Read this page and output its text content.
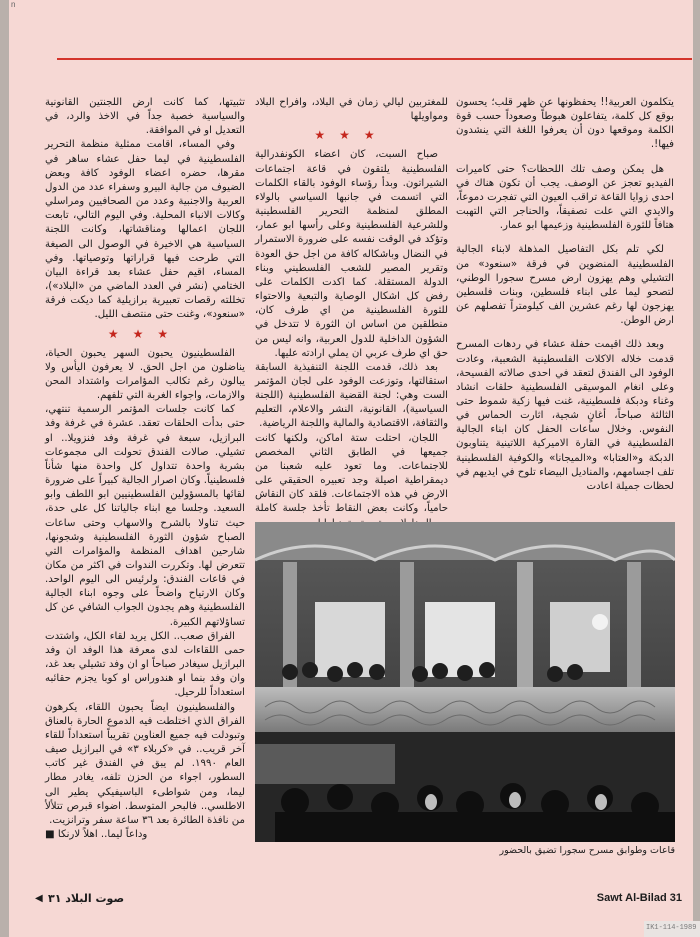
n

يتكلمون العربية!! يحفظونها عن ظهر قلب؛ يحسون بوقع كل كلمة، يتفاعلون هبوطاً وصعوداً حسب قوة الكلمة وموقعها دون أن يعرفوا اللغة التي ينشدون فيها!.

هل يمكن وصف تلك اللحظات؟ حتى كاميرات الفيديو تعجز عن الوصف. يجب أن تكون هناك في احدى زوايا القاعة تراقب العيون التي تفجرت دموعاً، والايدي التي علت تصفيقاً، والحناجر التي التهبت هتافاً للثورة الفلسطينية وزعيمها ابو عمار.

لكي تلم بكل التفاصيل المذهلة لابناء الجالية الفلسطينية المنضوين في فرقة «سنعود» من التشيلي وهم يهزون ارض مسرح سجورا الوطني، لتصحو ليما على ابناء فلسطين، وبنات فلسطين يهزجون لها رغم عشرين الف كيلومتراً تفصلهم عن ارض الوطن.

وبعد ذلك اقيمت حفلة عشاء في ردهات المسرح قدمت خلاله الاكلات الفلسطينية الشعبية، وعادت الوفود الى الفندق لتعقد في احدى صالاته الفسيحة، وعلى انغام الموسيقى الفلسطينية حلقات انشاد وغناء ودبكة فلسطينية، غنت فيها زكية شموط حتى الثالثة صباحاً، أغانٍ شجية، اثارت الحماس في النفوس. وخلال ساعات الحفل كان ابناء الجالية الفلسطينية في القارة الاميركية اللاتينية يتناوبون الدبكة و«العتابا» و«الميجانا» والكوفية الفلسطينية تلف اجسامهم، والمناديل البيضاء تلوح في ايديهم في لحظات جميلة اعادت

للمغتربين ليالي زمان في البلاد، وافراح البلاد ومواويلها

★★★

صباح السبت، كان اعضاء الكونفدرالية الفلسطينية يلتقون في قاعة اجتماعات الشيراتون. وبدأ رؤساء الوفود بالقاء الكلمات التي اتسمت في جانبها السياسي بالولاء المطلق لمنظمة التحرير الفلسطينية وللشرعية الفلسطينية وعلى رأسها ابو عمار، وتؤكد في الوقت نفسه على ضرورة الاستمرار في النضال وباشكاله كافة من اجل حق العودة وتقرير المصير للشعب الفلسطيني وبناء الدولة المستقلة. كما اكدت الكلمات على رفض كل اشكال الوصاية والتبعية والاحتواء للثورة الفلسطينية من اي طرف كان، منطلقين من اساس ان الثورة لا تتدخل في الشؤون الداخلية للدول العربية، وانه ليس من حق اي طرف عربي ان يملي ارادته عليها.

بعد ذلك، قدمت اللجنة التنفيذية السابقة استقالتها، وتوزعت الوفود على لجان المؤتمر الست وهي: لجنة القضية الفلسطينية (اللجنة السياسية)، القانونية، النشر والاعلام، التعليم والثقافة، الاقتصادية والمالية واللجنة الرياضية.

اللجان، احتلت ستة اماكن، ولكنها كانت جميعها في الطابق الثاني المخصص للاجتماعات. وما تعود عليه شعبنا من ديمقراطية اصيلة وجد تعبيره الحقيقي على الارض في هذه الاجتماعات. فلقد كان النقاش حامياً، وكانت بعض النقاط تأخذ جلسة كاملة

تثبيتها، كما كانت ارض اللجنتين القانونية والسياسية خصبة جداً في الاخذ والرد، في التعديل او في الموافقة.

وفي المساء، اقامت ممثلية منظمة التحرير الفلسطينية في ليما حفل عشاء ساهر في مقرها، حضره اعضاء الوفود كافة وبعض الضيوف من جالية البيرو وسفراء عدد من الدول العربية والاجنبية وعدد من الصحافيين ومراسلي وكالات الانباء المحلية. وفي اليوم التالي، تابعت اللجان اعمالها ومناقشاتها، وكانت اللجنة السياسية هي الاخيرة في الوصول الى الصيغة التي طرحت فيها قراراتها وتوصياتها. وفي المساء، اقيم حفل عشاء بعد قراءة البيان الختامي (نشر في العدد الماضي من «البلاد»)، تخللته رقصات تعبيرية برازيلية كما ديكت فرقة «سنعود»، وغنت حتى منتصف الليل.

★★★

الفلسطينيون يحبون السهر يحبون الحياة، يناضلون من اجل الحق. لا يعرفون اليأس ولا يبالون رغم تكالب المؤامرات واشتداد المحن والازمات، واجواء الغربة التي تلفهم.

كما كانت جلسات المؤتمر الرسمية تنتهي، حتى بدأت الحلقات تعقد. عشرة في غرفة وفد البرازيل، سبعة في غرفة وفد فنزويلا.. او تشيلي. صالات الفندق تحولت الى مجموعات بشرية واحدة تتداول كل واحدة منها شأناً فلسطينياً. وكان اصرار الجالية كبيراً على ضرورة لقائها بالمسؤولين الفلسطينيين ابو اللطف وابو السعيد. وجلسا مع ابناء جالياتنا كل على حدة، حيث تناولا بالشرح والاسهاب وحتى ساعات الصباح شؤون الثورة الفلسطينية وشجونها، شارحين اهداف المنظمة والمؤامرات التي تتعرض لها. وتكررت الندوات في اكثر من مكان في قاعات الفندق: ولرئيس الى اليوم الواحد. وكان الارتياح واضحاً على وجوه ابناء الجالية الفلسطينية وهم يجدون الجواب الشافي عن كل تساؤلاتهم الكبيرة.

الفراق صعب.. الكل يريد لقاء الكل، واشتدت حمى اللقاءات لدى معرفة هذا الوفد ان وفد البرازيل سيغادر صباحاً او ان وفد تشيلي بعد غد، وان وفد بنما او هندوراس او كوبا يجزم حقائبه استعداداً للرحيل.

والفلسطينيون ايضاً يحبون اللقاء، يكرهون الفراق الذي اختلطت فيه الدموع الحارة بالعناق وتبودلت فيه جميع العناوين تقريباً استعداداً للقاء آخر قريب.. في «كربلاء ٣» في البرازيل صيف العام ١٩٩٠. لم يبق في الفندق غير كاتب السطور، اجواء من الحزن تلفه، يغادر مطار ليما، ومن شواطىء الباسيفيكي يطير الى الاطلسي.. فالبحر المتوسط. اضواء قبرص تتلألأ من نافذة الطائرة بعد ٣٦ ساعة سفر وترانزيت.

وداعاً ليما.. اهلاً لارنكا ■

قاعات وطوابق مسرح سجورا تضيق بالحضور
Sawt Al-Bilad 31
صوت البلاد ٣١
◀
IK1-114-1989
